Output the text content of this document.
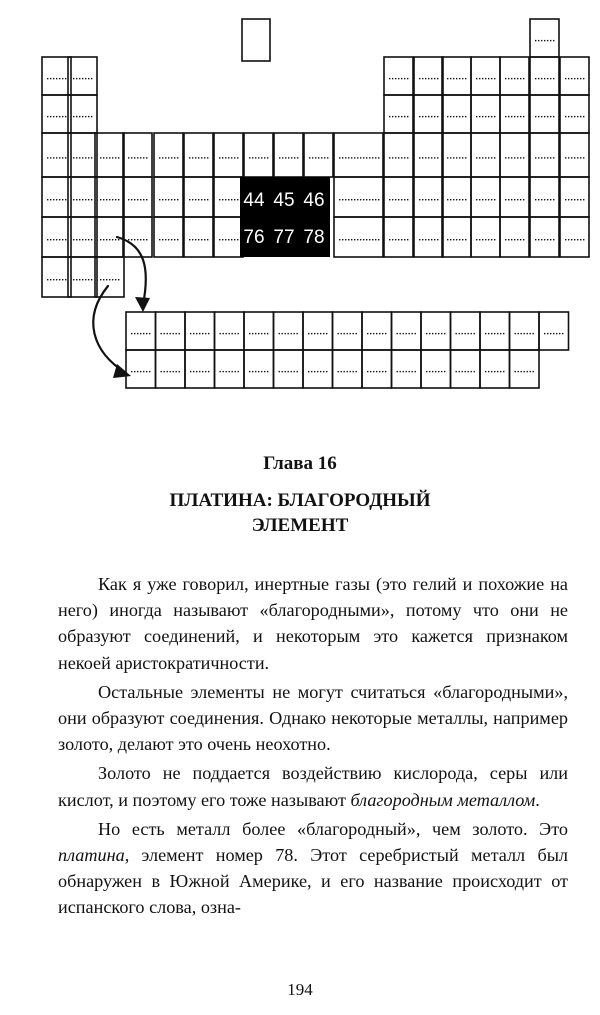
44 45 46
76 77 78
Глава 16
ПЛАТИНА: БЛАГОРОДНЫЙ
ЭЛЕМЕНТ

Как я уже говорил, инертные газы (это гелий и похожие на него) иногда называют «благородными», потому что они не образуют соединений, и некоторым это кажется признаком некоей аристократичности.

Остальные элементы не могут считаться «благородными», они образуют соединения. Однако некоторые металлы, например золото, делают это очень неохотно.

Золото не поддается воздействию кислорода, серы или кислот, и поэтому его тоже называют благородным металлом.

Но есть металл более «благородный», чем золото. Это платина, элемент номер 78. Этот серебристый металл был обнаружен в Южной Америке, и его название происходит от испанского слова, озна-

194
